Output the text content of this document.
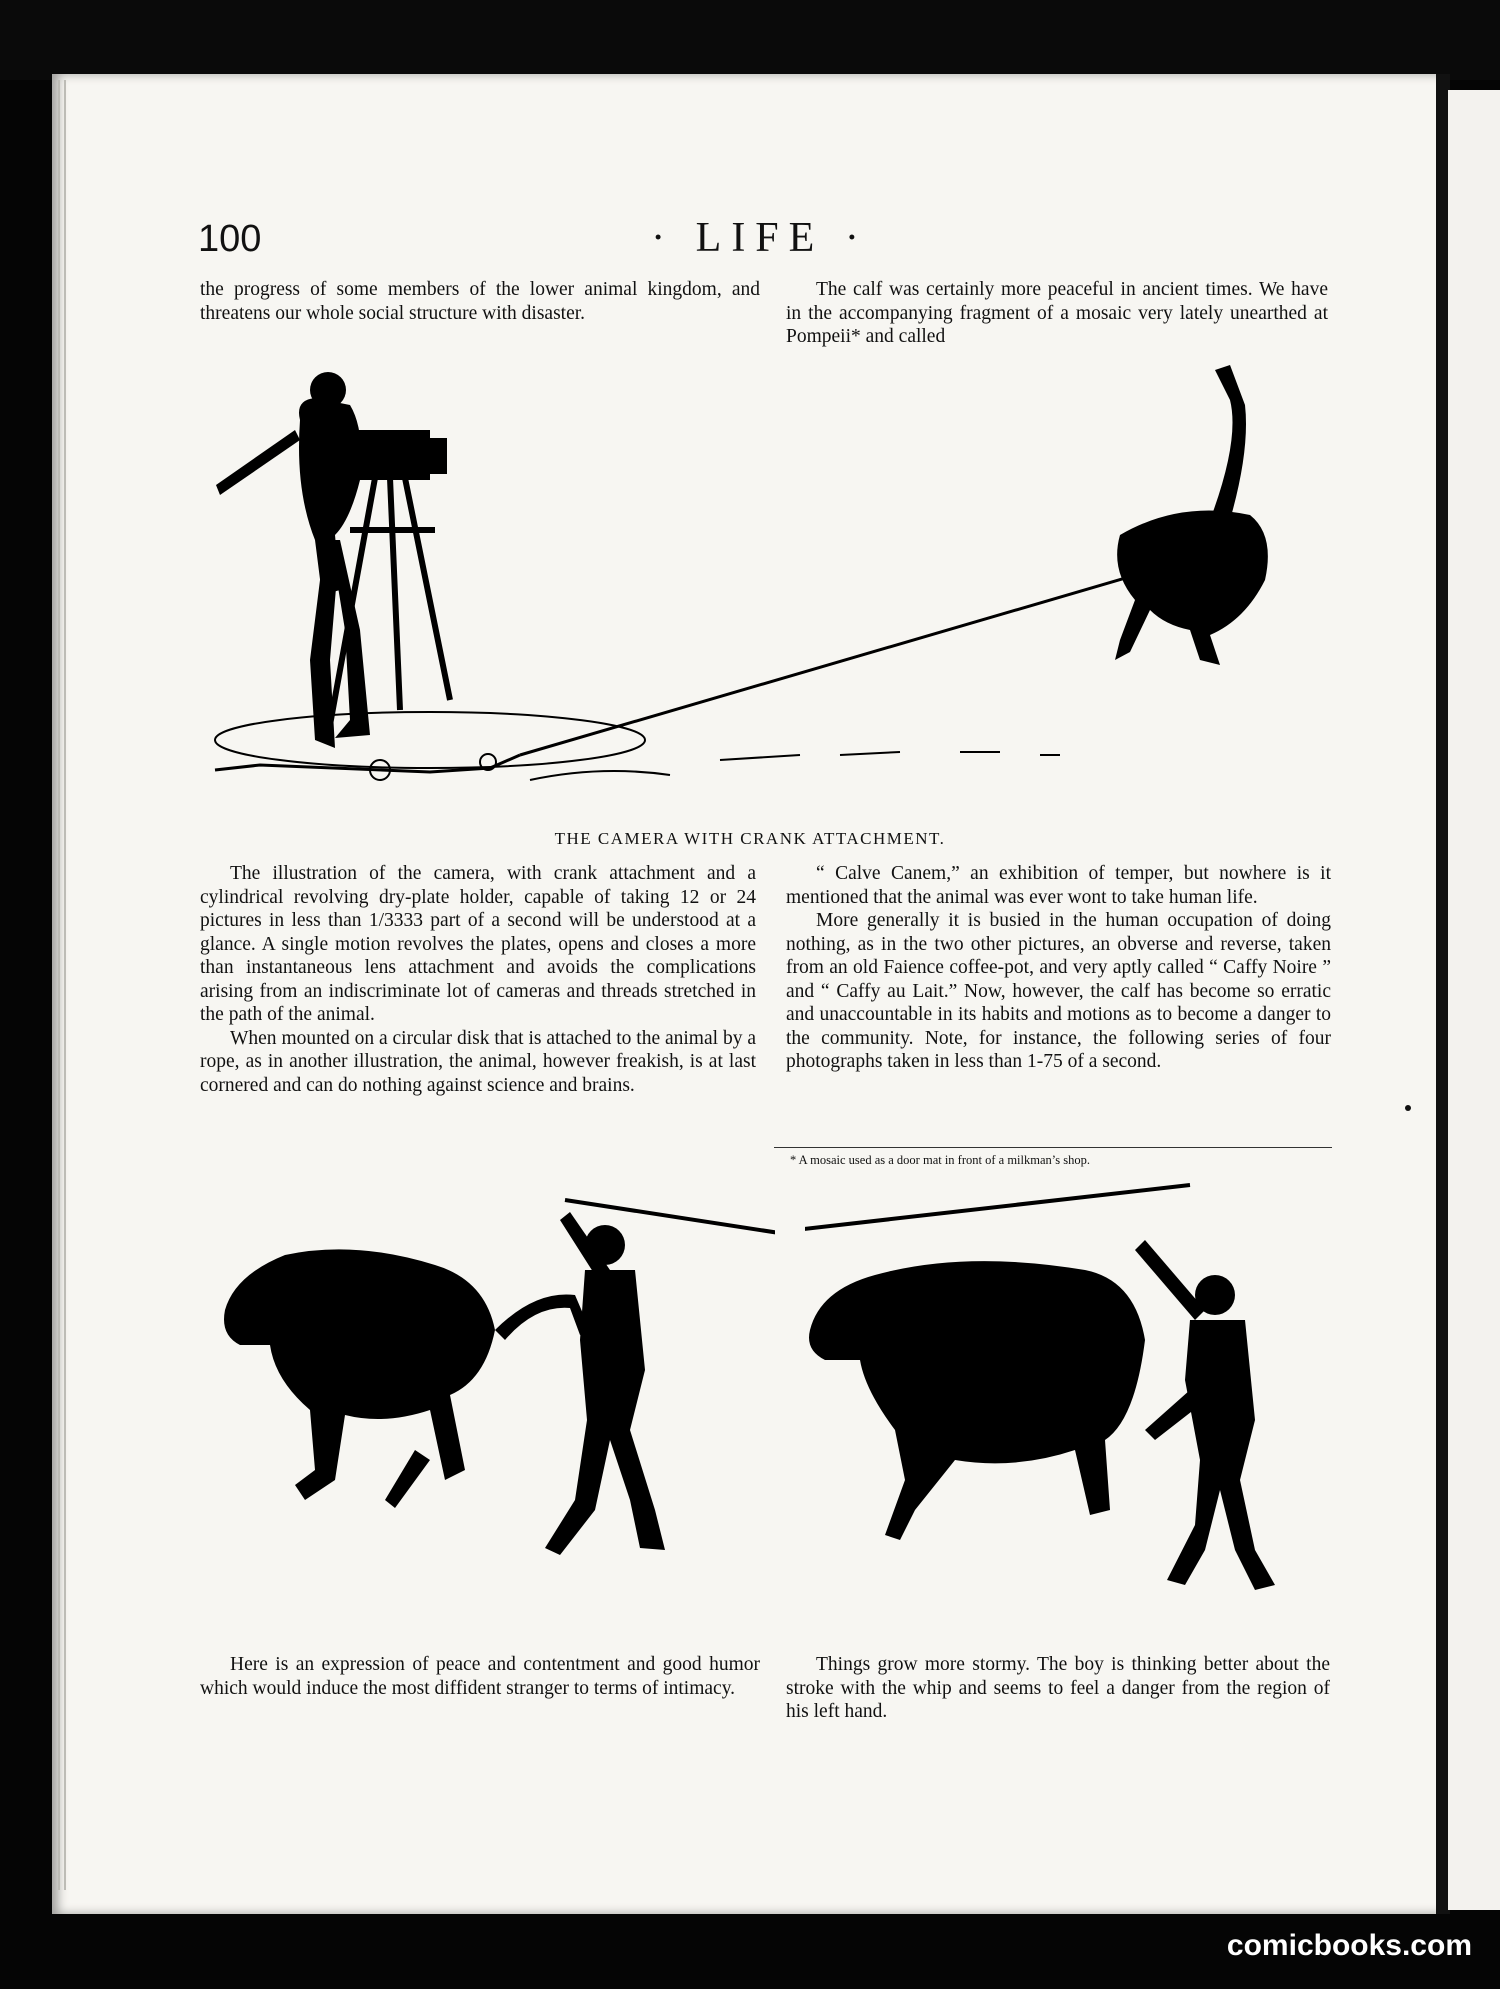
100	· LIFE ·

the progress of some members of the lower animal kingdom, and threatens our whole social structure with disaster.

The calf was certainly more peaceful in ancient times. We have in the accompanying fragment of a mosaic very lately unearthed at Pompeii* and called

THE CAMERA WITH CRANK ATTACHMENT.

The illustration of the camera, with crank attachment and a cylindrical revolving dry-plate holder, capable of taking 12 or 24 pictures in less than 1/3333 part of a second will be understood at a glance. A single motion revolves the plates, opens and closes a more than instantaneous lens attachment and avoids the complications arising from an indiscriminate lot of cameras and threads stretched in the path of the animal.

When mounted on a circular disk that is attached to the animal by a rope, as in another illustration, the animal, however freakish, is at last cornered and can do nothing against science and brains.

“ Calve Canem,” an exhibition of temper, but nowhere is it mentioned that the animal was ever wont to take human life.

More generally it is busied in the human occupation of doing nothing, as in the two other pictures, an obverse and reverse, taken from an old Faience coffee-pot, and very aptly called “ Caffy Noire ” and “ Caffy au Lait.” Now, however, the calf has become so erratic and unaccountable in its habits and motions as to become a danger to the community. Note, for instance, the following series of four photographs taken in less than 1-75 of a second.

* A mosaic used as a door mat in front of a milkman’s shop.

Here is an expression of peace and contentment and good humor which would induce the most diffident stranger to terms of intimacy.

Things grow more stormy. The boy is thinking better about the stroke with the whip and seems to feel a danger from the region of his left hand.

comicbooks.com
